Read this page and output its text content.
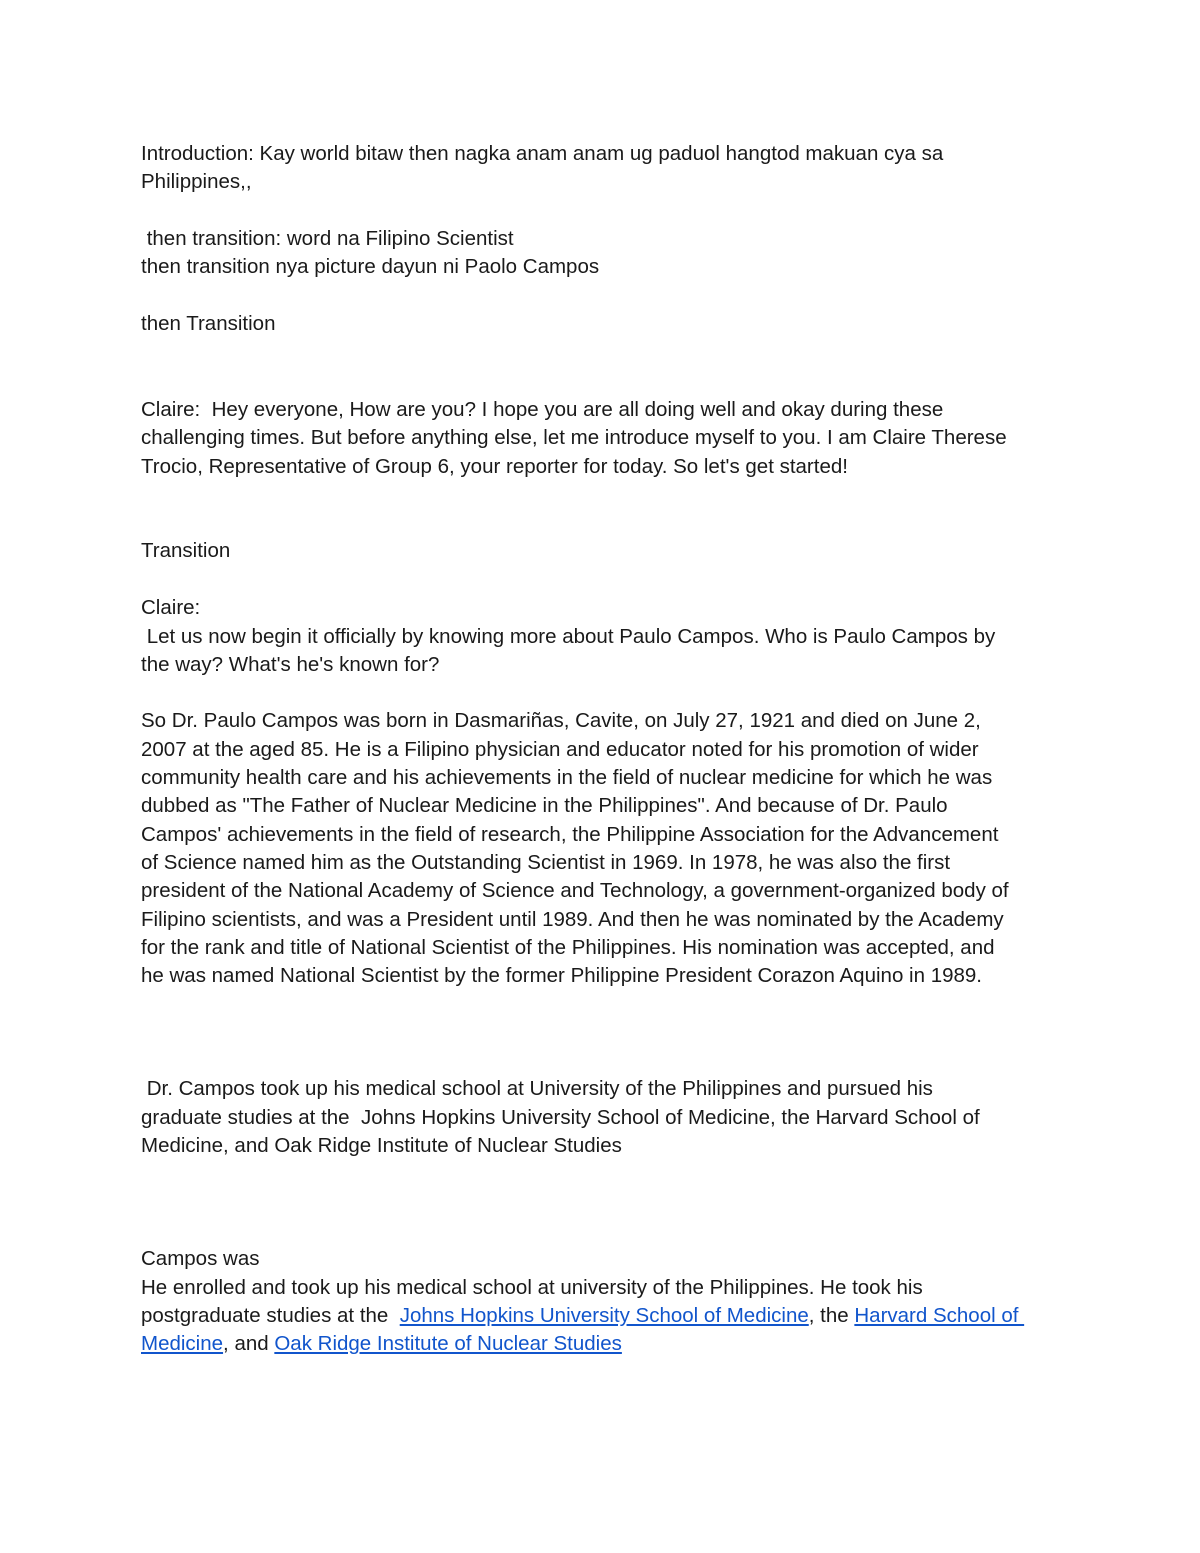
Introduction: Kay world bitaw then nagka anam anam ug paduol hangtod makuan cya sa
Philippines,,
then transition: word na Filipino Scientist
then transition nya picture dayun ni Paolo Campos
then Transition
Claire:  Hey everyone, How are you? I hope you are all doing well and okay during these
challenging times. But before anything else, let me introduce myself to you. I am Claire Therese
Trocio, Representative of Group 6, your reporter for today. So let's get started!
Transition
Claire:
Let us now begin it officially by knowing more about Paulo Campos. Who is Paulo Campos by
the way? What's he's known for?
So Dr. Paulo Campos was born in Dasmariñas, Cavite, on July 27, 1921 and died on June 2,
2007 at the aged 85. He is a Filipino physician and educator noted for his promotion of wider
community health care and his achievements in the field of nuclear medicine for which he was
dubbed as "The Father of Nuclear Medicine in the Philippines". And because of Dr. Paulo
Campos' achievements in the field of research, the Philippine Association for the Advancement
of Science named him as the Outstanding Scientist in 1969. In 1978, he was also the first
president of the National Academy of Science and Technology, a government-organized body of
Filipino scientists, and was a President until 1989. And then he was nominated by the Academy
for the rank and title of National Scientist of the Philippines. His nomination was accepted, and
he was named National Scientist by the former Philippine President Corazon Aquino in 1989.
Dr. Campos took up his medical school at University of the Philippines and pursued his
graduate studies at the  Johns Hopkins University School of Medicine, the Harvard School of
Medicine, and Oak Ridge Institute of Nuclear Studies
Campos was
He enrolled and took up his medical school at university of the Philippines. He took his
postgraduate studies at the  Johns Hopkins University School of Medicine, the Harvard School of
Medicine, and Oak Ridge Institute of Nuclear Studies
